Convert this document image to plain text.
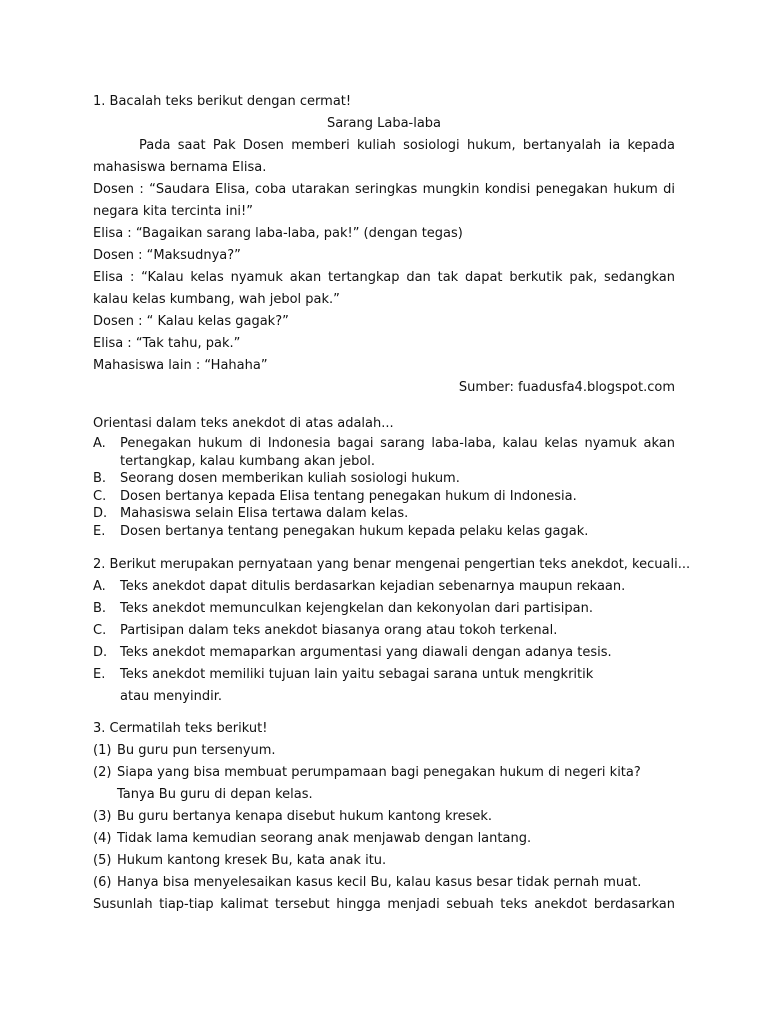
1. Bacalah teks berikut dengan cermat!
Sarang Laba-laba
Pada saat Pak Dosen memberi kuliah sosiologi hukum, bertanyalah ia kepada mahasiswa bernama Elisa.
Dosen : “Saudara Elisa, coba utarakan seringkas mungkin kondisi penegakan hukum di negara kita tercinta ini!”
Elisa : “Bagaikan sarang laba-laba, pak!” (dengan tegas)
Dosen : “Maksudnya?”
Elisa : “Kalau kelas nyamuk akan tertangkap dan tak dapat berkutik pak, sedangkan kalau kelas kumbang, wah jebol pak.”
Dosen : “ Kalau kelas gagak?”
Elisa : “Tak tahu, pak.”
Mahasiswa lain : “Hahaha”
Sumber: fuadusfa4.blogspot.com
Orientasi dalam teks anekdot di atas adalah...
A.	Penegakan hukum di Indonesia bagai sarang laba-laba, kalau kelas nyamuk akan tertangkap, kalau kumbang akan jebol.
B.	Seorang dosen memberikan kuliah sosiologi hukum.
C.	Dosen bertanya kepada Elisa tentang penegakan hukum di Indonesia.
D. Mahasiswa selain Elisa tertawa dalam kelas.
E.	Dosen bertanya tentang penegakan hukum kepada pelaku kelas gagak.
2. Berikut merupakan pernyataan yang benar mengenai pengertian teks anekdot, kecuali...
A.	Teks anekdot dapat ditulis berdasarkan kejadian sebenarnya maupun rekaan.
B.	Teks anekdot memunculkan kejengkelan dan kekonyolan dari partisipan.
C.	Partisipan dalam teks anekdot biasanya orang atau tokoh terkenal.
D. Teks anekdot memaparkan argumentasi yang diawali dengan adanya tesis.
E.	Teks anekdot memiliki tujuan lain yaitu sebagai sarana untuk mengkritik atau menyindir.
3. Cermatilah teks berikut!
(1) Bu guru pun tersenyum.
(2) Siapa yang bisa membuat perumpamaan bagi penegakan hukum di negeri kita? Tanya Bu guru di depan kelas.
(3) Bu guru bertanya kenapa disebut hukum kantong kresek.
(4) Tidak lama kemudian seorang anak menjawab dengan lantang.
(5) Hukum kantong kresek Bu, kata anak itu.
(6) Hanya bisa menyelesaikan kasus kecil Bu, kalau kasus besar tidak pernah muat.
Susunlah tiap-tiap kalimat tersebut hingga menjadi sebuah teks anekdot berdasarkan
